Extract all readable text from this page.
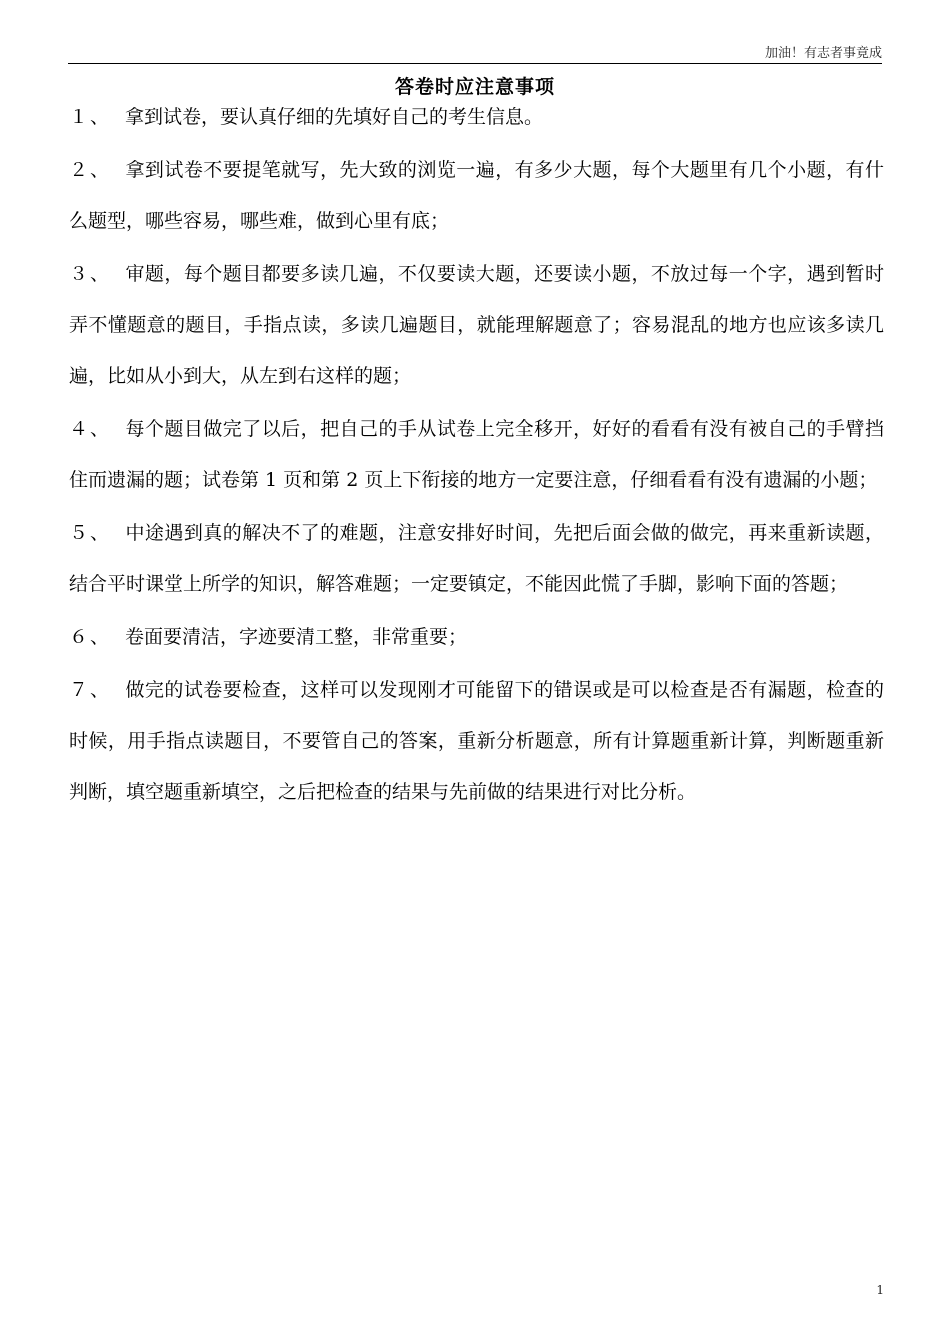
加油！有志者事竟成
答卷时应注意事项

１、 拿到试卷，要认真仔细的先填好自己的考生信息。

２、 拿到试卷不要提笔就写，先大致的浏览一遍，有多少大题，每个大题里有几个小题，有什么题型，哪些容易，哪些难，做到心里有底；

３、 审题，每个题目都要多读几遍，不仅要读大题，还要读小题，不放过每一个字，遇到暂时弄不懂题意的题目，手指点读，多读几遍题目，就能理解题意了；容易混乱的地方也应该多读几遍，比如从小到大，从左到右这样的题；

４、 每个题目做完了以后，把自己的手从试卷上完全移开，好好的看看有没有被自己的手臂挡住而遗漏的题；试卷第 1 页和第 2 页上下衔接的地方一定要注意，仔细看看有没有遗漏的小题；

５、 中途遇到真的解决不了的难题，注意安排好时间，先把后面会做的做完，再来重新读题，结合平时课堂上所学的知识，解答难题；一定要镇定，不能因此慌了手脚，影响下面的答题；

６、 卷面要清洁，字迹要清工整，非常重要；

７、 做完的试卷要检查，这样可以发现刚才可能留下的错误或是可以检查是否有漏题，检查的时候，用手指点读题目，不要管自己的答案，重新分析题意，所有计算题重新计算，判断题重新判断，填空题重新填空，之后把检查的结果与先前做的结果进行对比分析。

1
